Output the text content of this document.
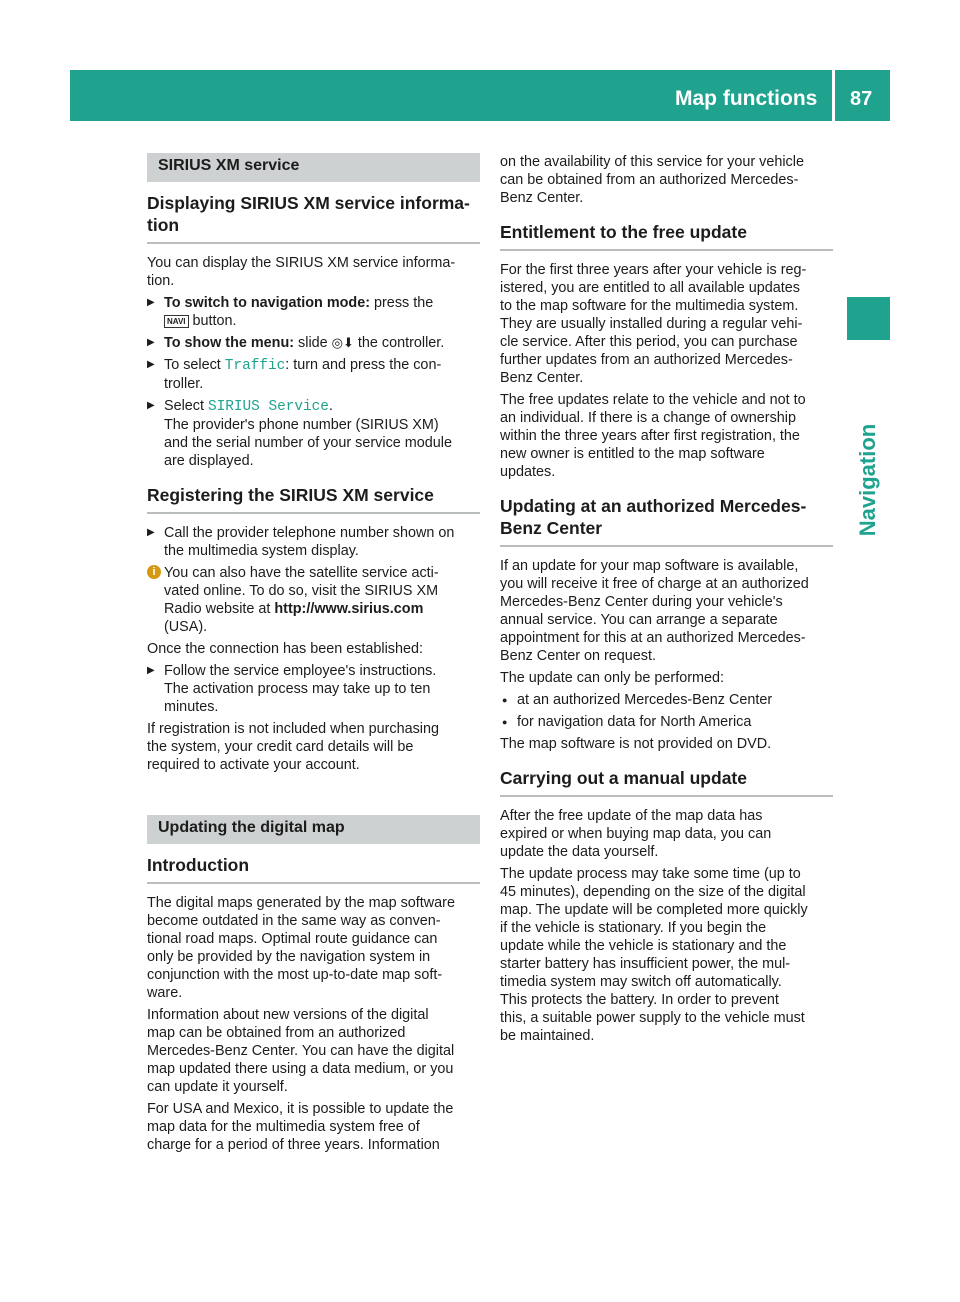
Map functions 87
Navigation
SIRIUS XM service
Displaying SIRIUS XM service informa-
tion

You can display the SIRIUS XM service informa-
tion.

▶ To switch to navigation mode: press the
NAVI button.
▶ To show the menu: slide ◎⬇ the controller.
▶ To select Traffic: turn and press the con-
troller.
▶ Select SIRIUS Service.
The provider's phone number (SIRIUS XM)
and the serial number of your service module
are displayed.
Registering the SIRIUS XM service
▶ Call the provider telephone number shown on
the multimedia system display.
i You can also have the satellite service acti-
vated online. To do so, visit the SIRIUS XM
Radio website at http://www.sirius.com
(USA).

Once the connection has been established:

▶ Follow the service employee's instructions.
The activation process may take up to ten
minutes.

If registration is not included when purchasing
the system, your credit card details will be
required to activate your account.

Updating the digital map
Introduction

The digital maps generated by the map software
become outdated in the same way as conven-
tional road maps. Optimal route guidance can
only be provided by the navigation system in
conjunction with the most up-to-date map soft-
ware.

Information about new versions of the digital
map can be obtained from an authorized
Mercedes-Benz Center. You can have the digital
map updated there using a data medium, or you
can update it yourself.

For USA and Mexico, it is possible to update the
map data for the multimedia system free of
charge for a period of three years. Information

on the availability of this service for your vehicle
can be obtained from an authorized Mercedes-
Benz Center.

Entitlement to the free update

For the first three years after your vehicle is reg-
istered, you are entitled to all available updates
to the map software for the multimedia system.
They are usually installed during a regular vehi-
cle service. After this period, you can purchase
further updates from an authorized Mercedes-
Benz Center.

The free updates relate to the vehicle and not to
an individual. If there is a change of ownership
within the three years after first registration, the
new owner is entitled to the map software
updates.

Updating at an authorized Mercedes-
Benz Center

If an update for your map software is available,
you will receive it free of charge at an authorized
Mercedes-Benz Center during your vehicle's
annual service. You can arrange a separate
appointment for this at an authorized Mercedes-
Benz Center on request.

The update can only be performed:

● at an authorized Mercedes-Benz Center
● for navigation data for North America

The map software is not provided on DVD.

Carrying out a manual update

After the free update of the map data has
expired or when buying map data, you can
update the data yourself.

The update process may take some time (up to
45 minutes), depending on the size of the digital
map. The update will be completed more quickly
if the vehicle is stationary. If you begin the
update while the vehicle is stationary and the
starter battery has insufficient power, the mul-
timedia system may switch off automatically.
This protects the battery. In order to prevent
this, a suitable power supply to the vehicle must
be maintained.
